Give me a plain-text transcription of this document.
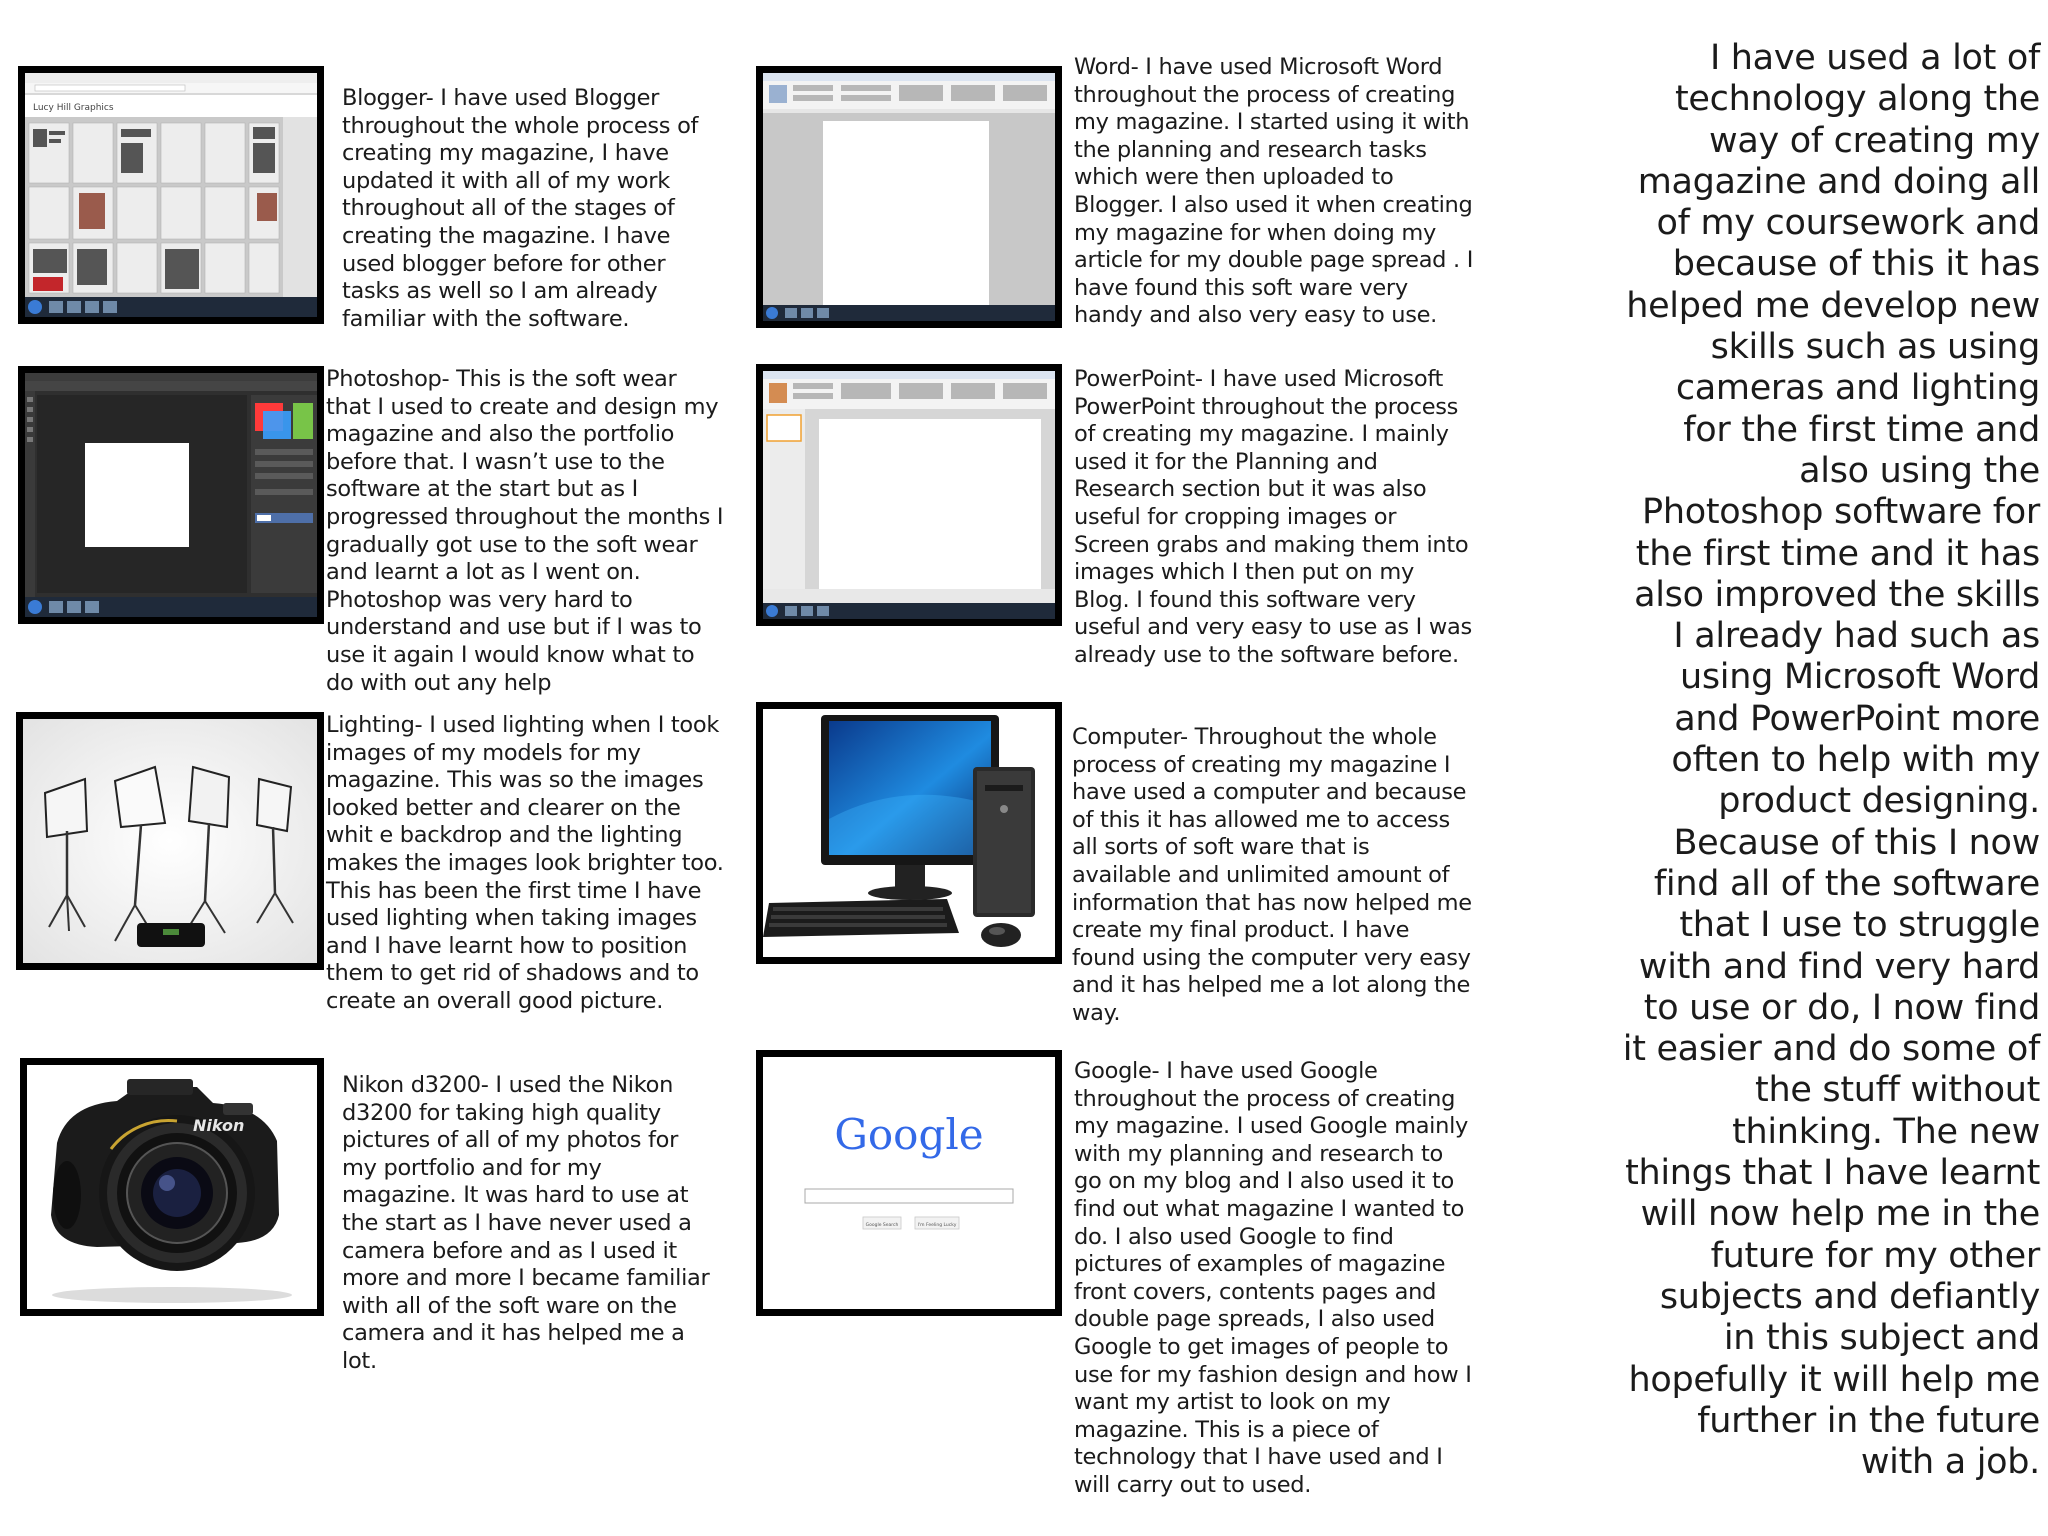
Lucy Hill Graphics	Blogger- I have used Blogger throughout the whole process of creating my magazine, I have updated it with all of my work throughout all of the stages of creating the magazine. I have used blogger before for other tasks as well so I am already familiar with the software.
Photoshop- This is the soft wear that I used to create and design my magazine and also the portfolio before that. I wasn’t use to the software at the start but as I progressed throughout the months I gradually got use to the soft wear and learnt a lot as I went on. Photoshop was very hard to understand and use but if I was to use it again I would know what to do with out any help
Lighting- I used lighting when I took images of my models for my magazine. This was so the images looked better and clearer on the whit e backdrop and the lighting makes the images look brighter too. This has been the first time I have used lighting when taking images and I have learnt how to position them to get rid of shadows and to create an overall good picture.
Nikon
Nikon d3200- I used the Nikon d3200 for taking high quality pictures of all of my photos for my portfolio and for my magazine. It was hard to use at the start as I have never used a camera before and as I used it more and more I became familiar with all of the soft ware on the camera and it has helped me a lot.
Word- I have used Microsoft Word throughout the process of creating my magazine. I started using it with the planning and research tasks which were then uploaded to Blogger. I also used it when creating my magazine for when doing my article for my double page spread . I have found this soft ware very handy and also very easy to use.
PowerPoint- I have used Microsoft PowerPoint throughout the process of creating my magazine. I mainly used it for the Planning and Research section but it was also useful for cropping images or Screen grabs and making them into images which I then put on my Blog. I found this software very useful and very easy to use as I was already use to the software before.
Computer- Throughout the whole process of creating my magazine I have used a computer and because of this it has allowed me to access all sorts of soft ware that is available and unlimited amount of information that has now helped me create my final product. I have found using the computer very easy and it has helped me a lot along the way.
Google
Google Search	I'm Feeling Lucky
Google- I have used Google throughout the process of creating my magazine. I used Google mainly with my planning and research to go on my blog and I also used it to find out what magazine I wanted to do. I also used Google to find pictures of examples of magazine front covers, contents pages and double page spreads, I also used Google to get images of people to use for my fashion design and how I want my artist to look on my magazine. This is a piece of technology that I have used and I will carry out to used.
I have used a lot of technology along the way of creating my magazine and doing all of my coursework and because of this it has helped me develop new skills such as using cameras and lighting for the first time and also using the Photoshop software for the first time and it has also improved the skills I already had such as using Microsoft Word and PowerPoint more often to help with my product designing. Because of this I now find all of the software that I use to struggle with and find very hard to use or do, I now find it easier and do some of the stuff without thinking. The new things that I have learnt will now help me in the future for my other subjects and defiantly in this subject and hopefully it will help me further in the future with a job.
